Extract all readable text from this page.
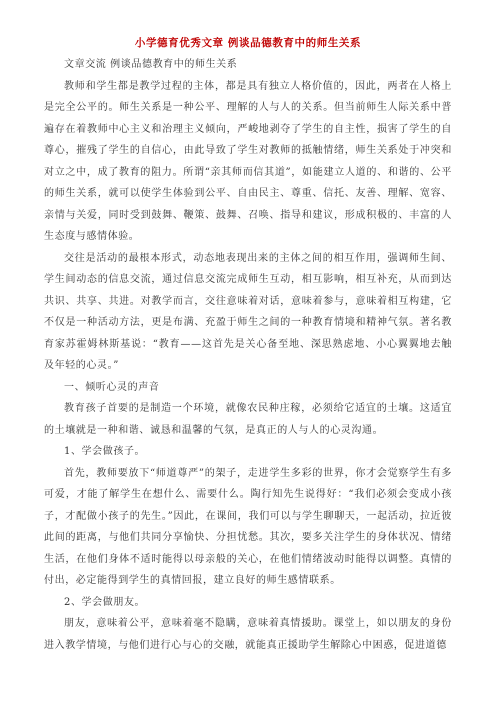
小学德育优秀文章 例谈品德教育中的师生关系

文章交流 例谈品德教育中的师生关系

教师和学生都是教学过程的主体，都是具有独立人格价值的，因此，两者在人格上是完全公平的。师生关系是一种公平、理解的人与人的关系。但当前师生人际关系中普遍存在着教师中心主义和治理主义倾向，严峻地剥夺了学生的自主性，损害了学生的自尊心，摧残了学生的自信心，由此导致了学生对教师的抵触情绪，师生关系处于冲突和对立之中，成了教育的阻力。所谓“亲其师而信其道”，如能建立人道的、和谐的、公平的师生关系，就可以使学生体验到公平、自由民主、尊重、信托、友善、理解、宽容、亲情与关爱，同时受到鼓舞、鞭策、鼓舞、召唤、指导和建议，形成积极的、丰富的人生态度与感情体验。

交往是活动的最根本形式，动态地表现出来的主体之间的相互作用，强调师生间、学生间动态的信息交流，通过信息交流完成师生互动，相互影响，相互补充，从而到达共识、共享、共进。对教学而言，交往意味着对话，意味着参与，意味着相互构建，它不仅是一种活动方法，更是布满、充盈于师生之间的一种教育情境和精神气氛。著名教育家苏霍姆林斯基说：“教育——这首先是关心备至地、深思熟虑地、小心翼翼地去触及年轻的心灵。”

一、倾听心灵的声音

教育孩子首要的是制造一个环境，就像农民种庄稼，必须给它适宜的土壤。这适宜的土壤就是一种和谐、诚恳和温馨的气氛，是真正的人与人的心灵沟通。

1、学会做孩子。

首先，教师要放下“师道尊严”的架子，走进学生多彩的世界，你才会觉察学生有多可爱，才能了解学生在想什么、需要什么。陶行知先生说得好：“我们必须会变成小孩子，才配做小孩子的先生。”因此，在课间，我们可以与学生聊聊天，一起活动，拉近彼此间的距离，与他们共同分享愉快、分担忧愁。其次，要多关注学生的身体状况、情绪生活，在他们身体不适时能得以母亲般的关心，在他们情绪波动时能得以调整。真情的付出，必定能得到学生的真情回报，建立良好的师生感情联系。

2、学会做朋友。

朋友，意味着公平，意味着毫不隐瞒，意味着真情援助。课堂上，如以朋友的身份进入教学情境，与他们进行心与心的交融，就能真正援助学生解除心中困惑，促进道德
